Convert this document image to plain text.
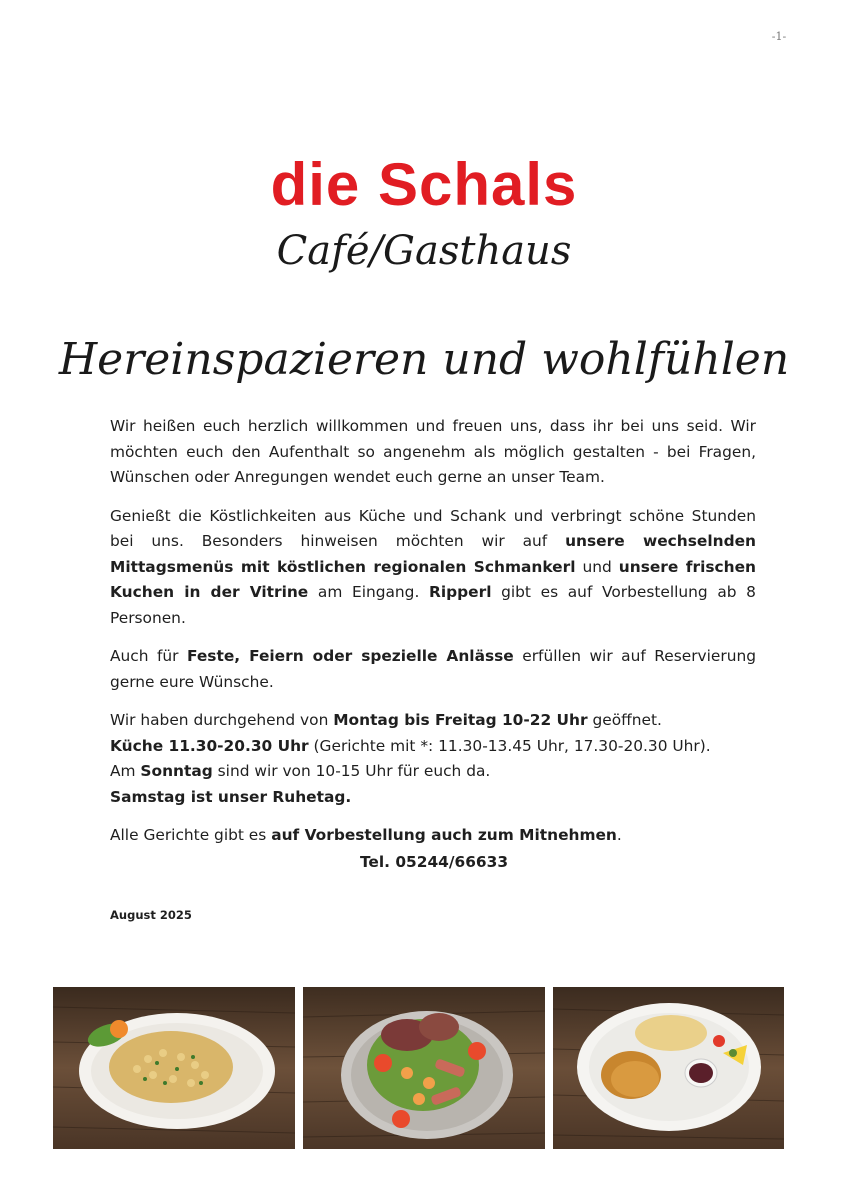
-1-
die Schals
Café/Gasthaus
Hereinspazieren und wohlfühlen

Wir heißen euch herzlich willkommen und freuen uns, dass ihr bei uns seid. Wir möchten euch den Aufenthalt so angenehm als möglich gestalten - bei Fragen, Wünschen oder Anregungen wendet euch gerne an unser Team.

Genießt die Köstlichkeiten aus Küche und Schank und verbringt schöne Stunden bei uns. Besonders hinweisen möchten wir auf unsere wechselnden Mittagsmenüs mit köstlichen regionalen Schmankerl und unsere frischen Kuchen in der Vitrine am Eingang. Ripperl gibt es auf Vorbestellung ab 8 Personen.

Auch für Feste, Feiern oder spezielle Anlässe erfüllen wir auf Reservierung gerne eure Wünsche.

Wir haben durchgehend von Montag bis Freitag 10-22 Uhr geöffnet.
Küche 11.30-20.30 Uhr (Gerichte mit *: 11.30-13.45 Uhr, 17.30-20.30 Uhr).
Am Sonntag sind wir von 10-15 Uhr für euch da.
Samstag ist unser Ruhetag.

Alle Gerichte gibt es auf Vorbestellung auch zum Mitnehmen.

Tel. 05244/66633
August 2025
